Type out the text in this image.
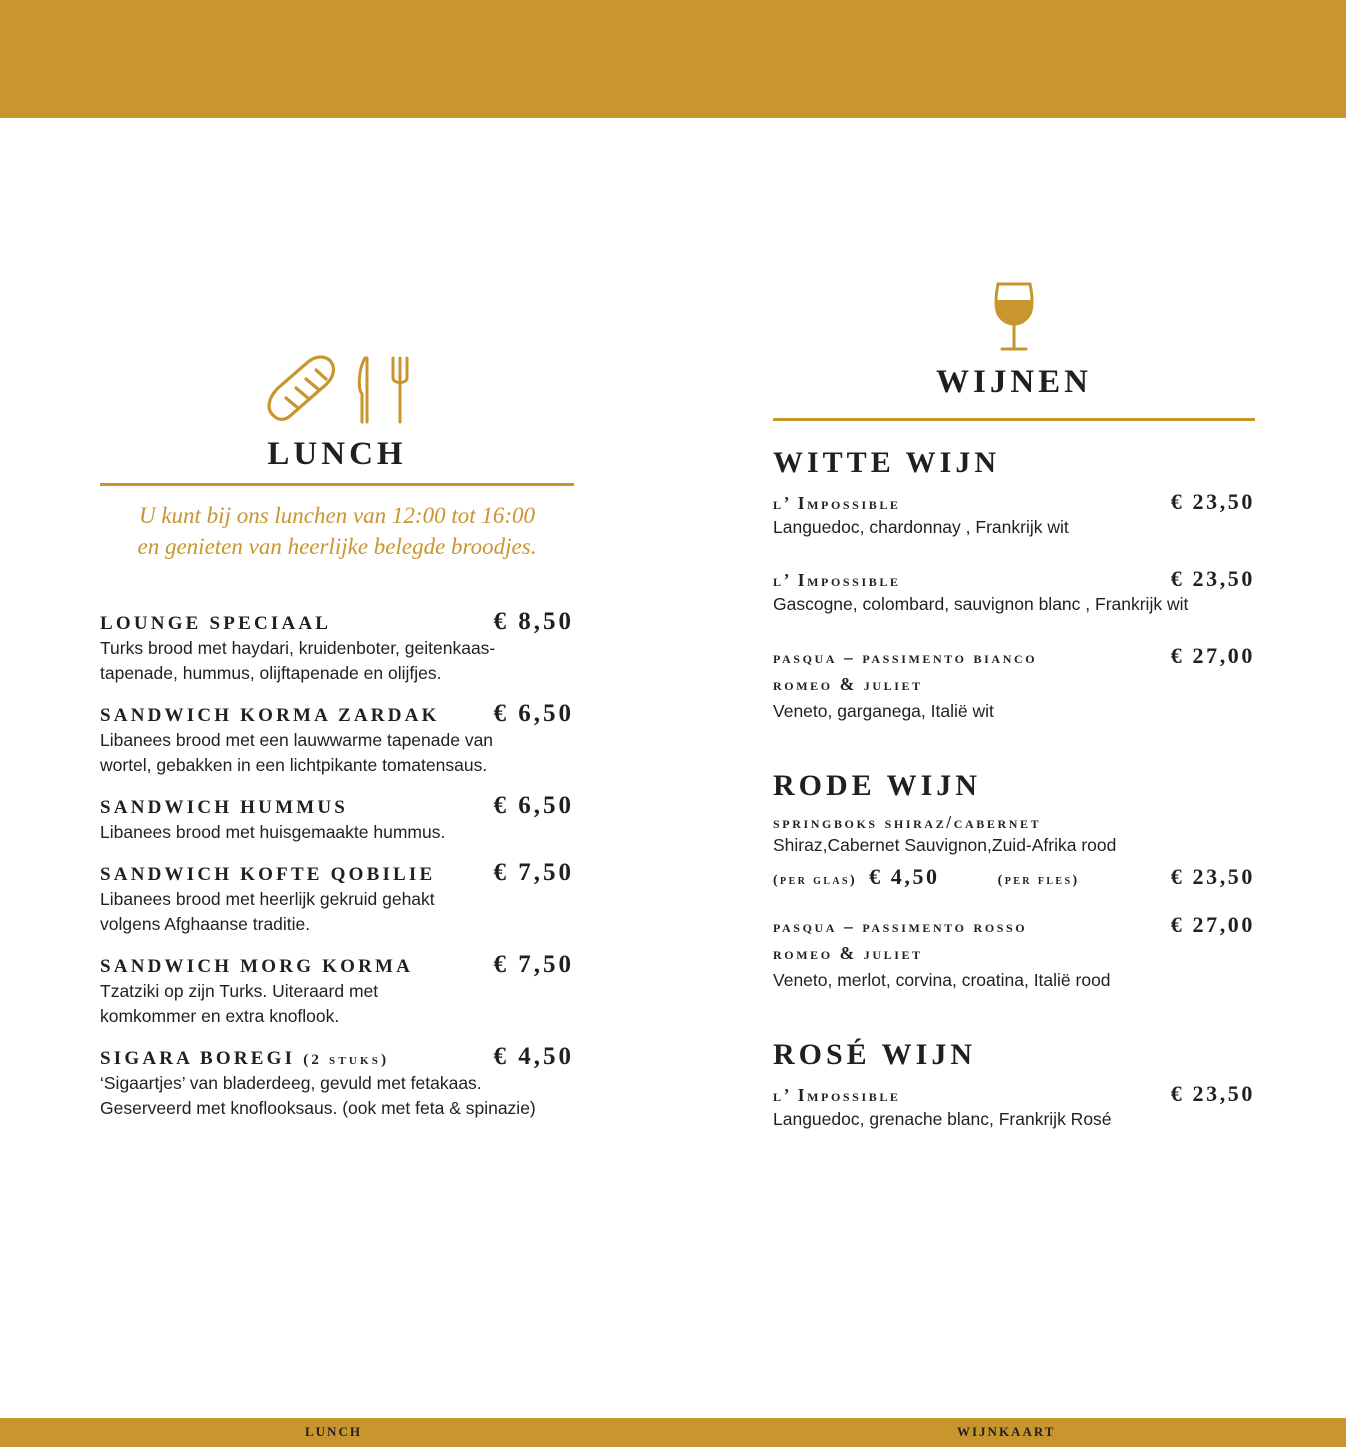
LUNCH
U kunt bij ons lunchen van 12:00 tot 16:00
en genieten van heerlijke belegde broodjes.
LOUNGE SPECIAAL	€ 8,50
Turks brood met haydari, kruidenboter, geitenkaas-
tapenade, hummus, olijftapenade en olijfjes.
SANDWICH KORMA ZARDAK € 6,50
Libanees brood met een lauwwarme tapenade van
wortel, gebakken in een lichtpikante tomatensaus.
SANDWICH HUMMUS	€ 6,50
Libanees brood met huisgemaakte hummus.
SANDWICH KOFTE QOBILIE € 7,50
Libanees brood met heerlijk gekruid gehakt
volgens Afghaanse traditie.
SANDWICH MORG KORMA	€ 7,50
Tzatziki op zijn Turks. Uiteraard met
komkommer en extra knoflook.
SIGARA BOREGI (2 stuks)	€ 4,50
‘Sigaartjes’ van bladerdeeg, gevuld met fetakaas.
Geserveerd met knoflooksaus. (ook met feta & spinazie)
WIJNEN
WITTE WIJN
l’ Impossible	€ 23,50
Languedoc, chardonnay , Frankrijk wit
l’ Impossible	€ 23,50
Gascogne, colombard, sauvignon blanc , Frankrijk wit
pasqua – passimento bianco	€ 27,00
romeo & juliet
Veneto, garganega, Italië wit
RODE WIJN
springboks shiraz/cabernet
Shiraz,Cabernet Sauvignon,Zuid-Afrika rood
(per glas) € 4,50	(per fles)	€ 23,50
pasqua – passimento rosso	€ 27,00
romeo & juliet
Veneto, merlot, corvina, croatina, Italië rood
ROSÉ WIJN
l’ Impossible	€ 23,50
Languedoc, grenache blanc, Frankrijk Rosé
LUNCH	WIJNKAART
